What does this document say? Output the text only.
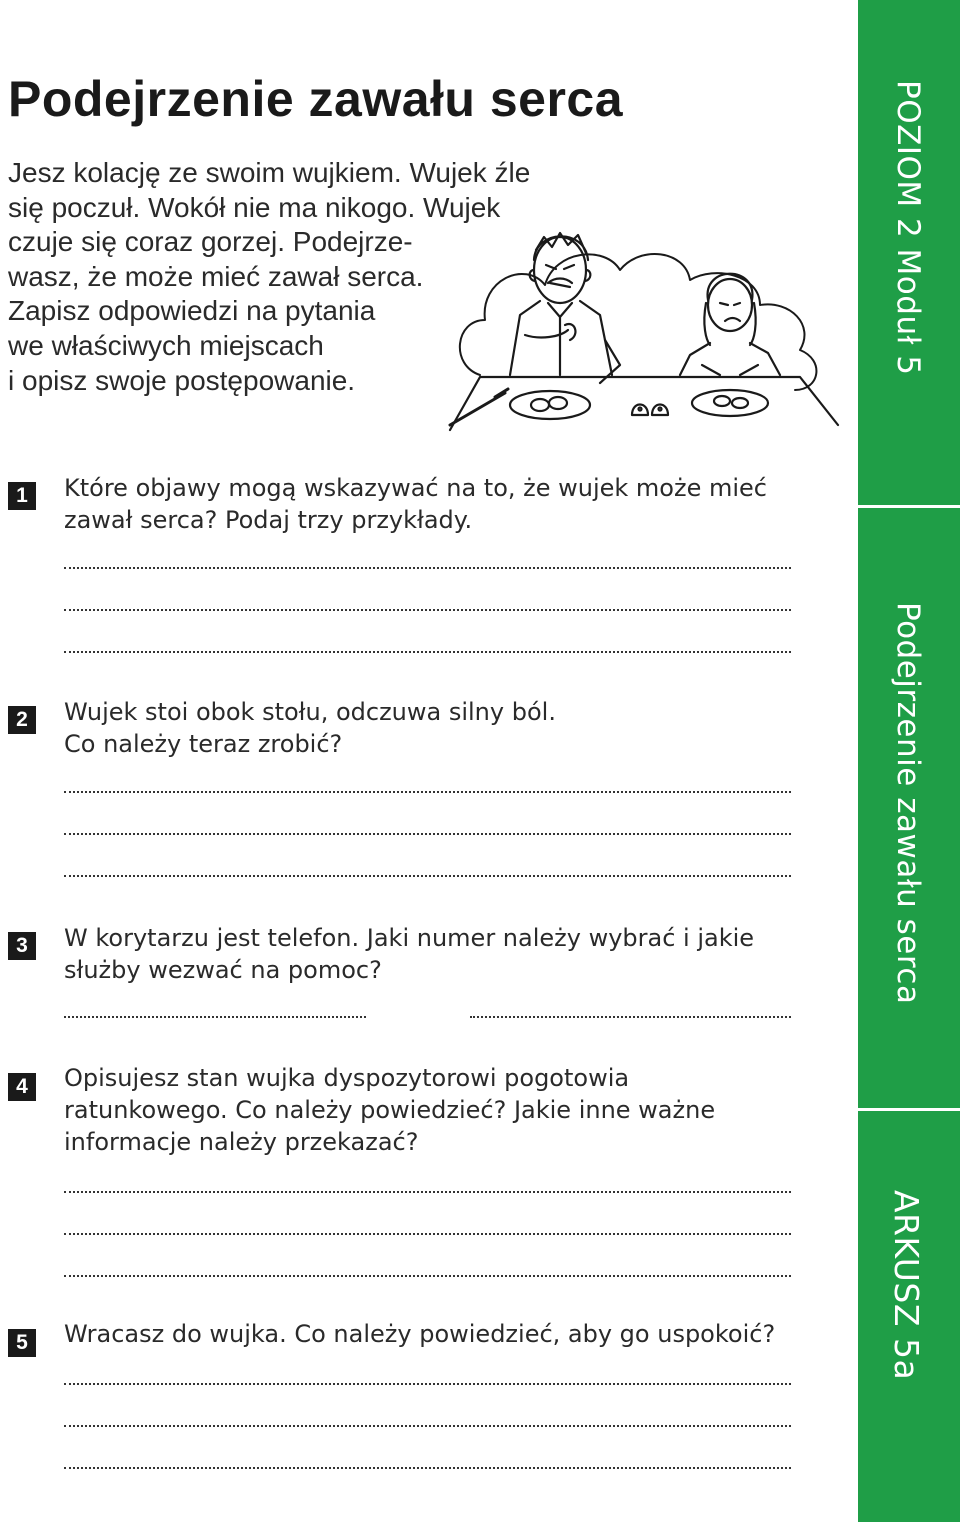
Podejrzenie zawału serca
Jesz kolację ze swoim wujkiem. Wujek źle
się poczuł. Wokół nie ma nikogo. Wujek
czuje się coraz gorzej. Podejrze-
wasz, że może mieć zawał serca.
Zapisz odpowiedzi na pytania
we właściwych miejscach
i opisz swoje postępowanie.
1	Które objawy mogą wskazywać na to, że wujek może mieć
zawał serca? Podaj trzy przykłady.
2	Wujek stoi obok stołu, odczuwa silny ból.
Co należy teraz zrobić?
3	W korytarzu jest telefon. Jaki numer należy wybrać i jakie
służby wezwać na pomoc?
4	Opisujesz stan wujka dyspozytorowi pogotowia
ratunkowego. Co należy powiedzieć? Jakie inne ważne
informacje należy przekazać?
5	Wracasz do wujka. Co należy powiedzieć, aby go uspokoić?
POZIOM 2 Moduł 5
Podejrzenie zawału serca
ARKUSZ 5a
